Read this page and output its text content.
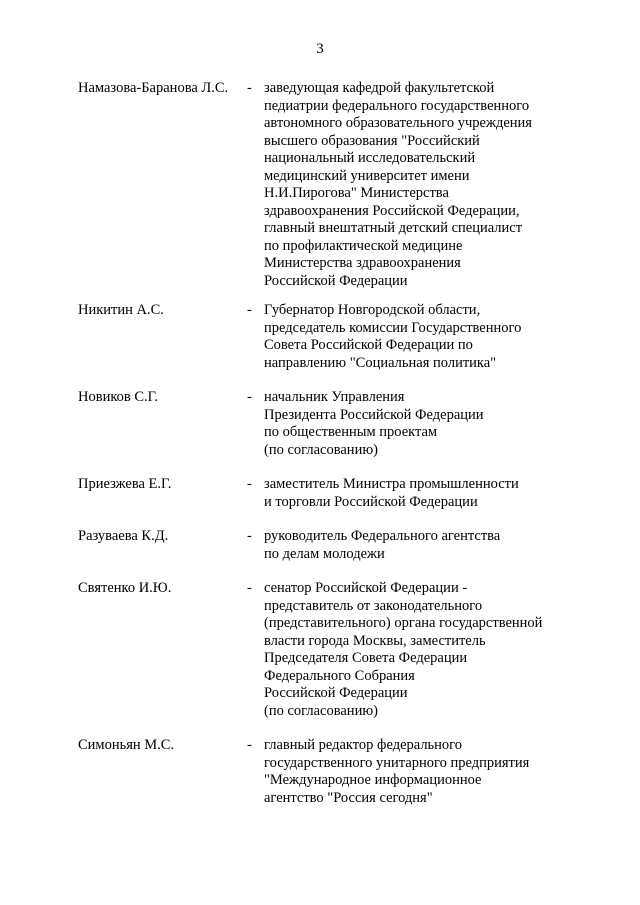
3
Намазова-Баранова Л.С. - заведующая кафедрой факультетской
педиатрии федерального государственного
автономного образовательного учреждения
высшего образования "Российский
национальный исследовательский
медицинский университет имени
Н.И.Пирогова" Министерства
здравоохранения Российской Федерации,
главный внештатный детский специалист
по профилактической медицине
Министерства здравоохранения
Российской Федерации
Никитин А.С.	- Губернатор Новгородской области,
председатель комиссии Государственного
Совета Российской Федерации по
направлению "Социальная политика"
Новиков С.Г.	- начальник Управления
Президента Российской Федерации
по общественным проектам
(по согласованию)
Приезжева Е.Г.	- заместитель Министра промышленности
и торговли Российской Федерации
Разуваева К.Д.	- руководитель Федерального агентства
по делам молодежи
Святенко И.Ю.	- сенатор Российской Федерации -
представитель от законодательного
(представительного) органа государственной
власти города Москвы, заместитель
Председателя Совета Федерации
Федерального Собрания
Российской Федерации
(по согласованию)
Симоньян М.С.	- главный редактор федерального
государственного унитарного предприятия
"Международное информационное
агентство "Россия сегодня"
